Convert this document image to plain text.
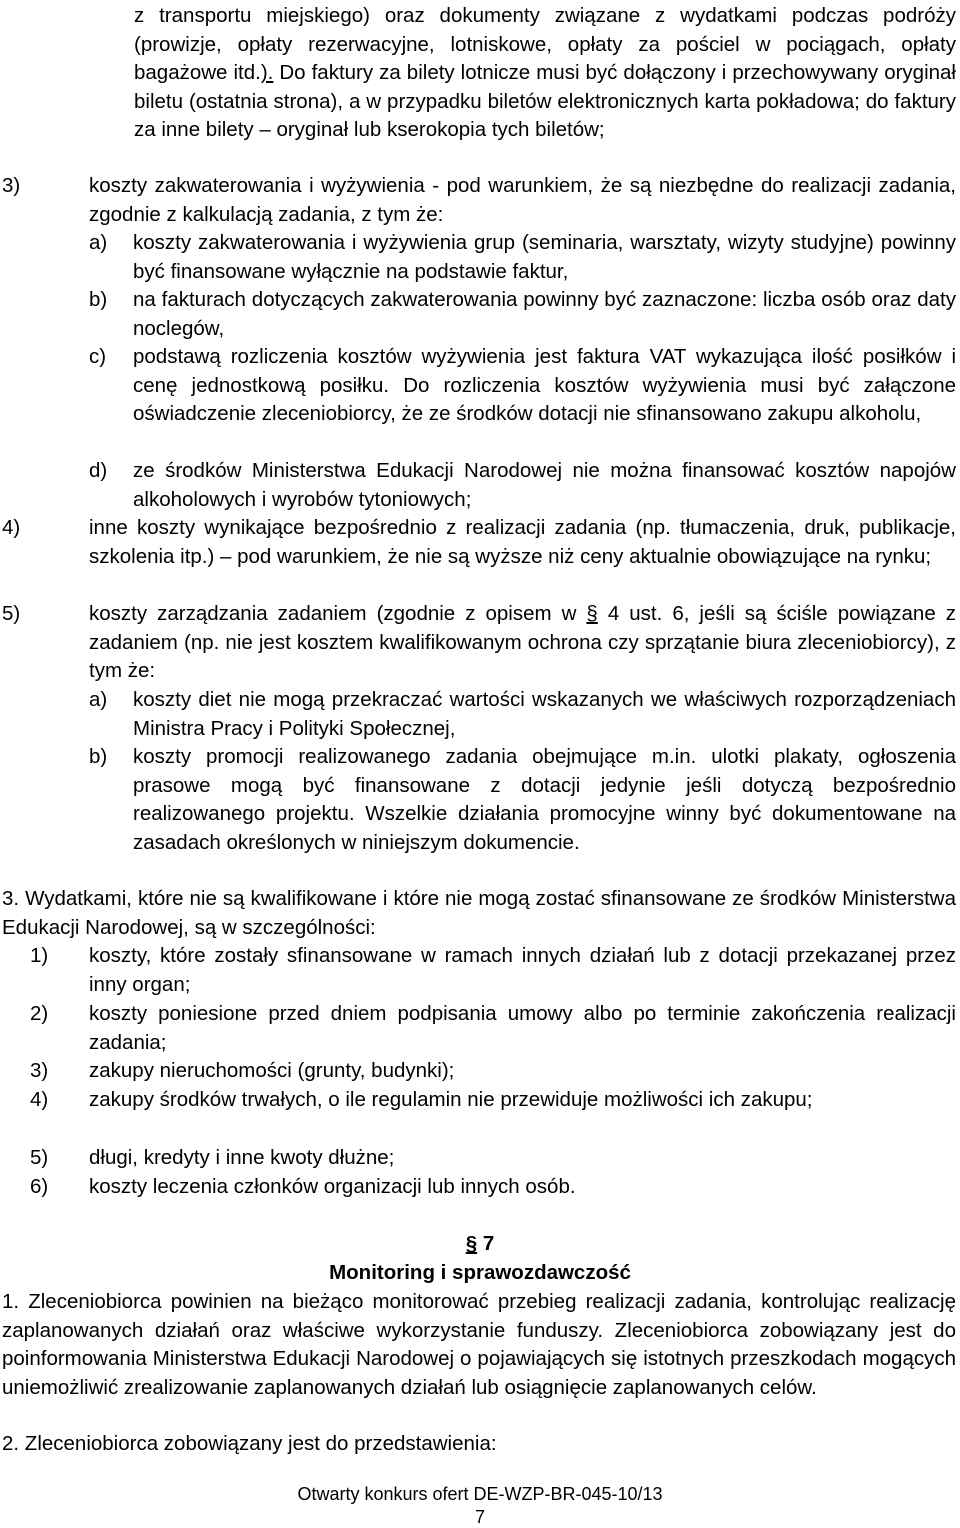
z transportu miejskiego) oraz dokumenty związane z wydatkami podczas podróży (prowizje, opłaty rezerwacyjne, lotniskowe, opłaty za pościel w pociągach, opłaty bagażowe itd.). Do faktury za bilety lotnicze musi być dołączony i przechowywany oryginał biletu (ostatnia strona), a w przypadku biletów elektronicznych karta pokładowa; do faktury za inne bilety – oryginał lub kserokopia tych biletów;
3)	koszty zakwaterowania i wyżywienia - pod warunkiem, że są niezbędne do realizacji zadania, zgodnie z kalkulacją zadania, z tym że:
a) koszty zakwaterowania i wyżywienia grup (seminaria, warsztaty, wizyty studyjne) powinny być finansowane wyłącznie na podstawie faktur,
b) na fakturach dotyczących zakwaterowania powinny być zaznaczone: liczba osób oraz daty noclegów,
c) podstawą rozliczenia kosztów wyżywienia jest faktura VAT wykazująca ilość posiłków i cenę jednostkową posiłku. Do rozliczenia kosztów wyżywienia musi być załączone oświadczenie zleceniobiorcy, że ze środków dotacji nie sfinansowano zakupu alkoholu,
d) ze środków Ministerstwa Edukacji Narodowej nie można finansować kosztów napojów alkoholowych i wyrobów tytoniowych;
4)	inne koszty wynikające bezpośrednio z realizacji zadania (np. tłumaczenia, druk, publikacje, szkolenia itp.) – pod warunkiem, że nie są wyższe niż ceny aktualnie obowiązujące na rynku;
5)	koszty zarządzania zadaniem (zgodnie z opisem w § 4 ust. 6, jeśli są ściśle powiązane z zadaniem (np. nie jest kosztem kwalifikowanym ochrona czy sprzątanie biura zleceniobiorcy), z tym że:
a) koszty diet nie mogą przekraczać wartości wskazanych we właściwych rozporządzeniach Ministra Pracy i Polityki Społecznej,
b) koszty promocji realizowanego zadania obejmujące m.in. ulotki plakaty, ogłoszenia prasowe mogą być finansowane z dotacji jedynie jeśli dotyczą bezpośrednio realizowanego projektu. Wszelkie działania promocyjne winny być dokumentowane na zasadach określonych w niniejszym dokumencie.
3. Wydatkami, które nie są kwalifikowane i które nie mogą zostać sfinansowane ze środków Ministerstwa Edukacji Narodowej, są w szczególności:
1) koszty, które zostały sfinansowane w ramach innych działań lub z dotacji przekazanej przez inny organ;
2) koszty poniesione przed dniem podpisania umowy albo po terminie zakończenia realizacji zadania;
3) zakupy nieruchomości (grunty, budynki);
4) zakupy środków trwałych, o ile regulamin nie przewiduje możliwości ich zakupu;
5) długi, kredyty i inne kwoty dłużne;
6) koszty leczenia członków organizacji lub innych osób.
§ 7
Monitoring i sprawozdawczość
1. Zleceniobiorca powinien na bieżąco monitorować przebieg realizacji zadania, kontrolując realizację zaplanowanych działań oraz właściwe wykorzystanie funduszy. Zleceniobiorca zobowiązany jest do poinformowania Ministerstwa Edukacji Narodowej o pojawiających się istotnych przeszkodach mogących uniemożliwić zrealizowanie zaplanowanych działań lub osiągnięcie zaplanowanych celów.
2. Zleceniobiorca zobowiązany jest do przedstawienia:
Otwarty konkurs ofert DE-WZP-BR-045-10/13
7
